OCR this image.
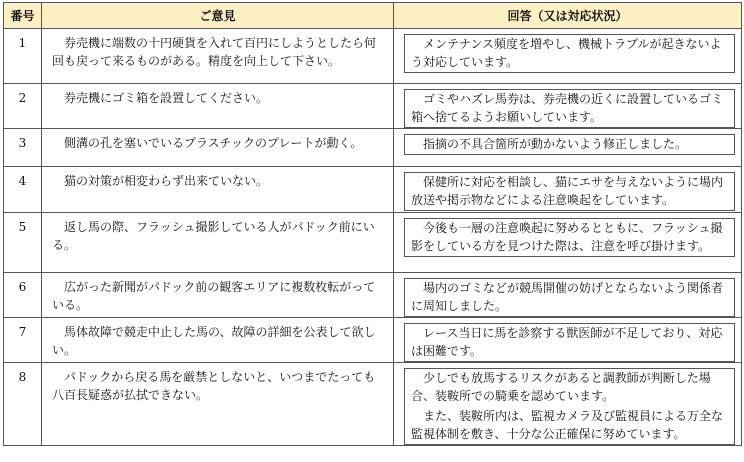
番号	ご意見	回答（又は対応状況）
1	券売機に端数の十円硬貨を入れて百円にしようとしたら何回も戻って来るものがある。精度を向上して下さい。	メンテナンス頻度を増やし、機械トラブルが起きないよう対応しています。

2	券売機にゴミ箱を設置してください。	ゴミやハズレ馬券は、券売機の近くに設置しているゴミ箱へ捨てるようお願いしています。

3	側溝の孔を塞いでいるプラスチックのプレートが動く。	指摘の不具合箇所が動かないよう修正しました。

4	猫の対策が相変わらず出来ていない。	保健所に対応を相談し、猫にエサを与えないように場内放送や掲示物などによる注意喚起をしています。

5	返し馬の際、フラッシュ撮影している人がパドック前にいる。	今後も一層の注意喚起に努めるとともに、フラッシュ撮影をしている方を見つけた際は、注意を呼び掛けます。

6	広がった新聞がパドック前の観客エリアに複数枚転がっている。	場内のゴミなどが競馬開催の妨げとならないよう関係者に周知しました。

7	馬体故障で競走中止した馬の、故障の詳細を公表して欲しい。	レース当日に馬を診察する獣医師が不足しており、対応は困難です。

8	パドックから戻る馬を厳禁としないと、いつまでたっても八百長疑惑が払拭できない。	少しでも放馬するリスクがあると調教師が判断した場合、装鞍所での騎乗を認めています。
また、装鞍所内は、監視カメラ及び監視員による万全な監視体制を敷き、十分な公正確保に努めています。
